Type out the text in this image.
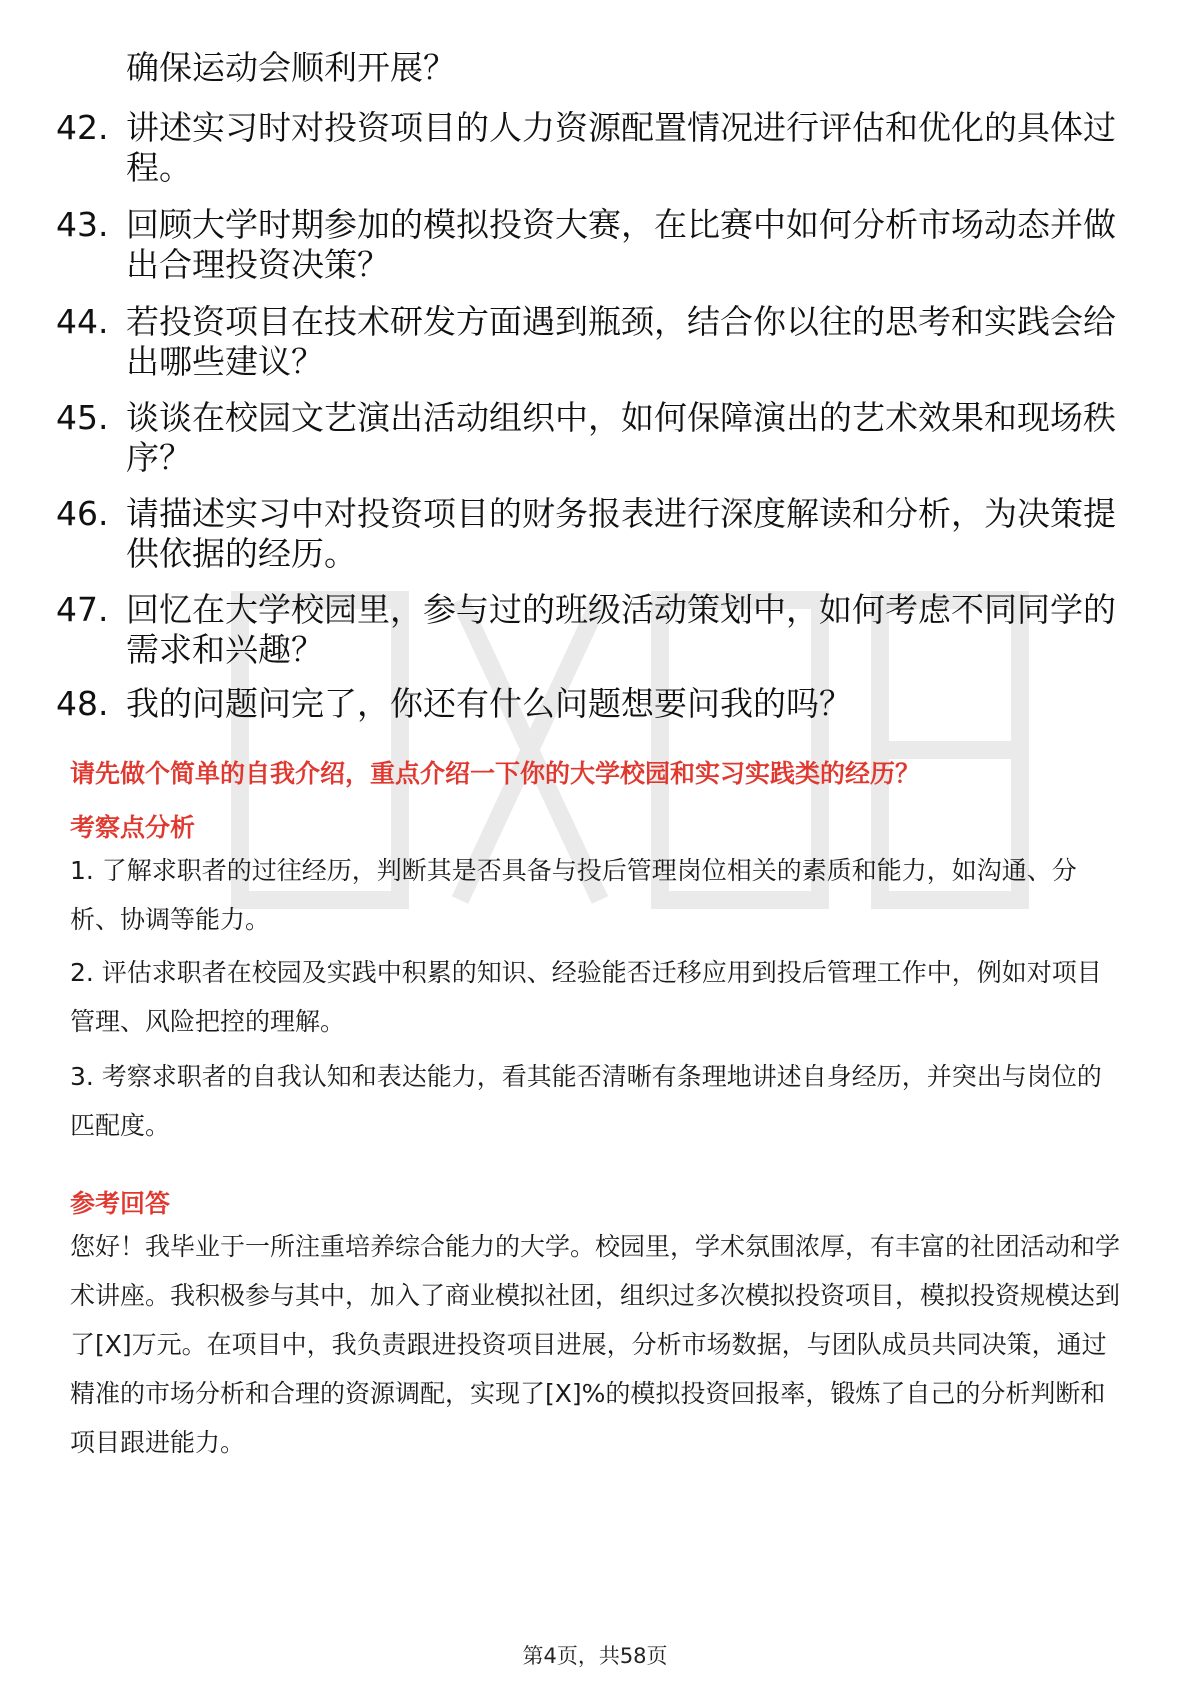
确保运动会顺利开展？
42. 讲述实习时对投资项目的人力资源配置情况进行评估和优化的具体过程。
43. 回顾大学时期参加的模拟投资大赛，在比赛中如何分析市场动态并做出合理投资决策？
44. 若投资项目在技术研发方面遇到瓶颈，结合你以往的思考和实践会给出哪些建议？
45. 谈谈在校园文艺演出活动组织中，如何保障演出的艺术效果和现场秩序？
46. 请描述实习中对投资项目的财务报表进行深度解读和分析，为决策提供依据的经历。
47. 回忆在大学校园里，参与过的班级活动策划中，如何考虑不同同学的需求和兴趣？
48. 我的问题问完了，你还有什么问题想要问我的吗？
请先做个简单的自我介绍，重点介绍一下你的大学校园和实习实践类的经历？
考察点分析
1. 了解求职者的过往经历，判断其是否具备与投后管理岗位相关的素质和能力，如沟通、分析、协调等能力。
2. 评估求职者在校园及实践中积累的知识、经验能否迁移应用到投后管理工作中，例如对项目管理、风险把控的理解。
3. 考察求职者的自我认知和表达能力，看其能否清晰有条理地讲述自身经历，并突出与岗位的匹配度。
参考回答
您好！我毕业于一所注重培养综合能力的大学。校园里，学术氛围浓厚，有丰富的社团活动和学术讲座。我积极参与其中，加入了商业模拟社团，组织过多次模拟投资项目，模拟投资规模达到了[X]万元。在项目中，我负责跟进投资项目进展，分析市场数据，与团队成员共同决策，通过精准的市场分析和合理的资源调配，实现了[X]%的模拟投资回报率，锻炼了自己的分析判断和项目跟进能力。
第4页，共58页
